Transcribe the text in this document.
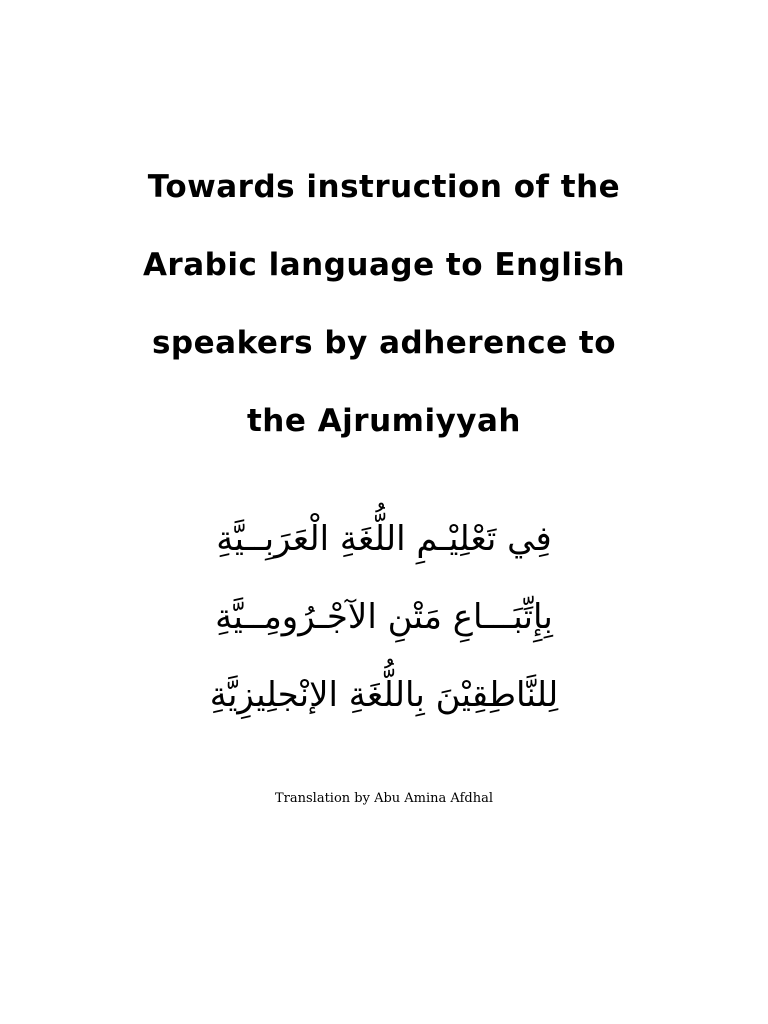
Towards instruction of the
Arabic language to English
speakers by adherence to
the Ajrumiyyah
فِي تَعْلِيْـمِ اللُّغَةِ الْعَرَبِــيَّةِ
بِإِتِّبَـــاعِ مَتْنِ الآجْـرُومِــيَّةِ
لِلنَّاطِقِيْنَ بِاللُّغَةِ الإنْجلِيزِيَّةِ
Translation by Abu Amina Afdhal
